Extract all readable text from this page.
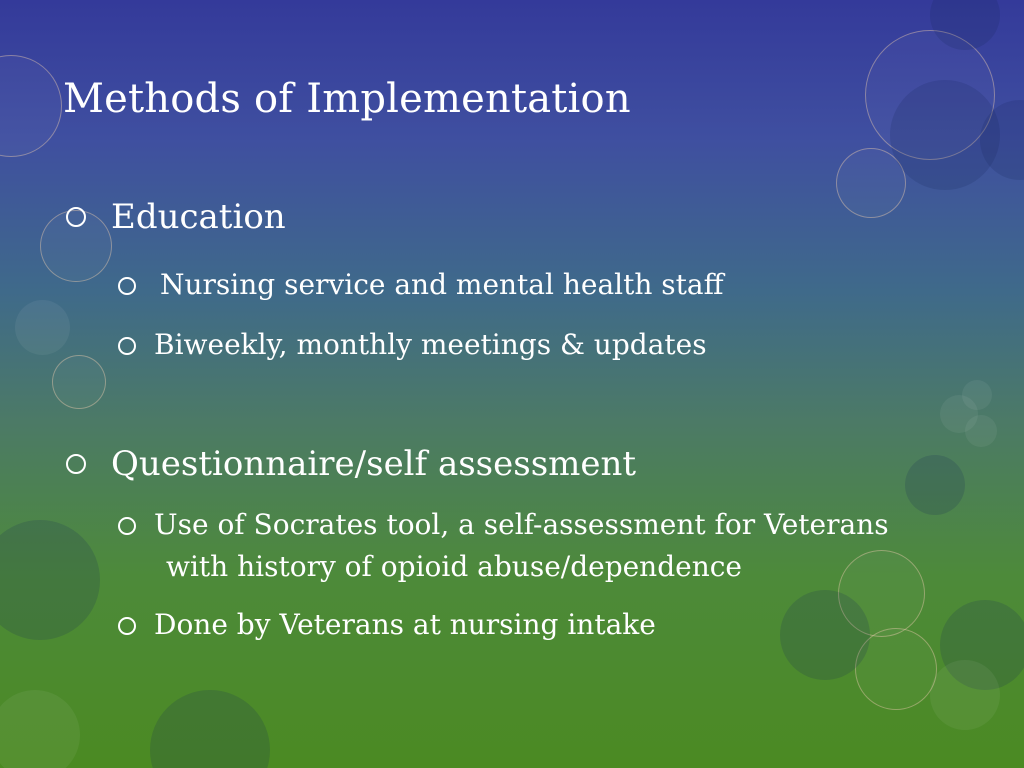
Methods of Implementation
Education
Nursing service and mental health staff
Biweekly, monthly meetings & updates
Questionnaire/self assessment
Use of Socrates tool, a self-assessment for Veterans
with history of opioid abuse/dependence
Done by Veterans at nursing intake
